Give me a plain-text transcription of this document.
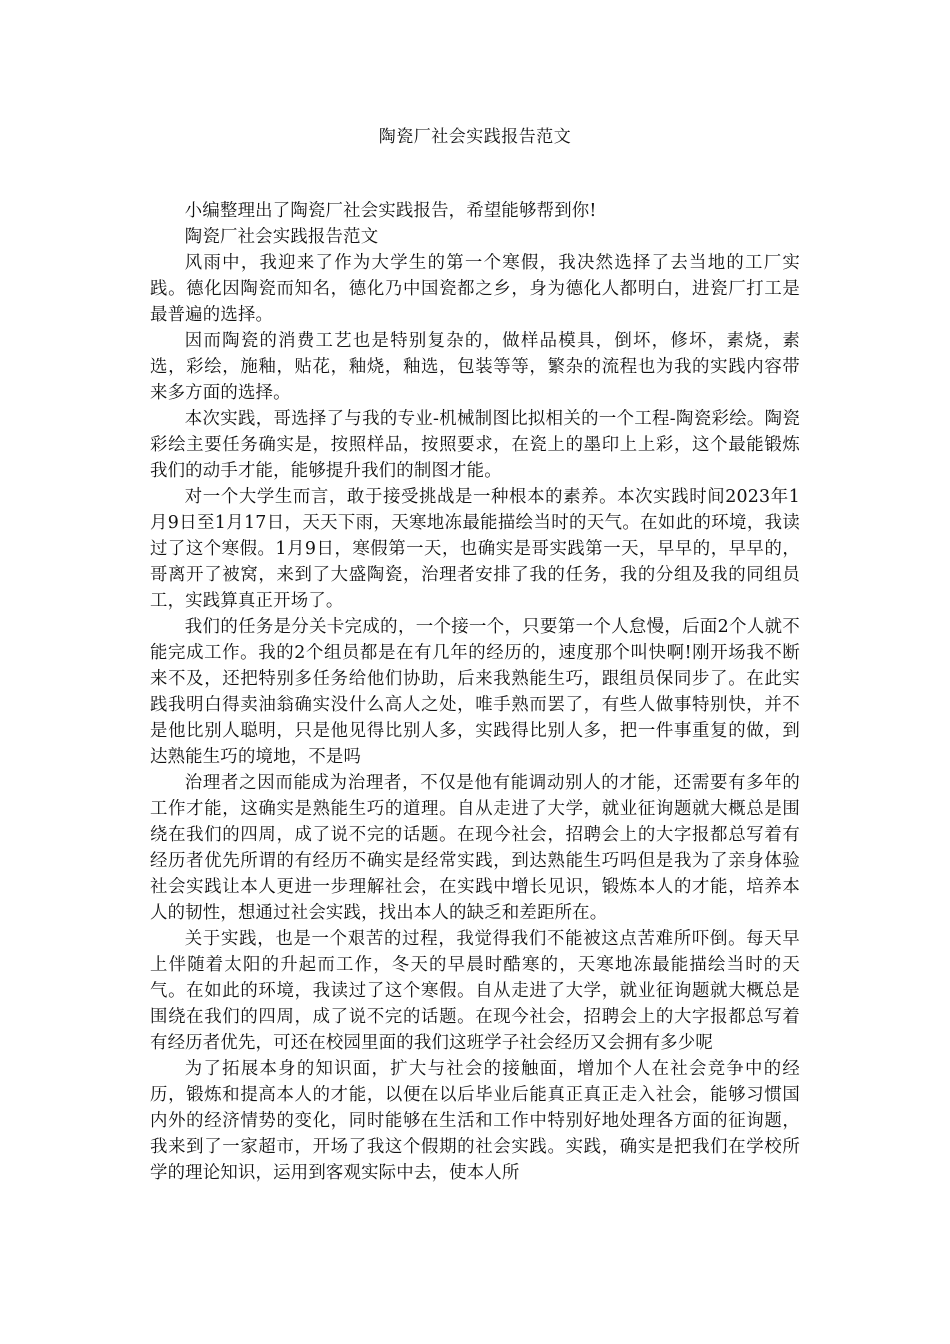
陶瓷厂社会实践报告范文

小编整理出了陶瓷厂社会实践报告，希望能够帮到你!

陶瓷厂社会实践报告范文

风雨中，我迎来了作为大学生的第一个寒假，我决然选择了去当地的工厂实践。德化因陶瓷而知名，德化乃中国瓷都之乡，身为德化人都明白，进瓷厂打工是最普遍的选择。

因而陶瓷的消费工艺也是特别复杂的，做样品模具，倒坏，修坏，素烧，素选，彩绘，施釉，贴花，釉烧，釉选，包装等等，繁杂的流程也为我的实践内容带来多方面的选择。

本次实践，哥选择了与我的专业-机械制图比拟相关的一个工程-陶瓷彩绘。陶瓷彩绘主要任务确实是，按照样品，按照要求，在瓷上的墨印上上彩，这个最能锻炼我们的动手才能，能够提升我们的制图才能。

对一个大学生而言，敢于接受挑战是一种根本的素养。本次实践时间2023年1月9日至1月17日，天天下雨，天寒地冻最能描绘当时的天气。在如此的环境，我读过了这个寒假。1月9日，寒假第一天，也确实是哥实践第一天，早早的，早早的，哥离开了被窝，来到了大盛陶瓷，治理者安排了我的任务，我的分组及我的同组员工，实践算真正开场了。

我们的任务是分关卡完成的，一个接一个，只要第一个人怠慢，后面2个人就不能完成工作。我的2个组员都是在有几年的经历的，速度那个叫快啊!刚开场我不断来不及，还把特别多任务给他们协助，后来我熟能生巧，跟组员保同步了。在此实践我明白得卖油翁确实没什么高人之处，唯手熟而罢了，有些人做事特别快，并不是他比别人聪明，只是他见得比别人多，实践得比别人多，把一件事重复的做，到达熟能生巧的境地，不是吗

治理者之因而能成为治理者，不仅是他有能调动别人的才能，还需要有多年的工作才能，这确实是熟能生巧的道理。自从走进了大学，就业征询题就大概总是围绕在我们的四周，成了说不完的话题。在现今社会，招聘会上的大字报都总写着有经历者优先所谓的有经历不确实是经常实践，到达熟能生巧吗但是我为了亲身体验社会实践让本人更进一步理解社会，在实践中增长见识，锻炼本人的才能，培养本人的韧性，想通过社会实践，找出本人的缺乏和差距所在。

关于实践，也是一个艰苦的过程，我觉得我们不能被这点苦难所吓倒。每天早上伴随着太阳的升起而工作，冬天的早晨时酷寒的，天寒地冻最能描绘当时的天气。在如此的环境，我读过了这个寒假。自从走进了大学，就业征询题就大概总是围绕在我们的四周，成了说不完的话题。在现今社会，招聘会上的大字报都总写着有经历者优先，可还在校园里面的我们这班学子社会经历又会拥有多少呢

为了拓展本身的知识面，扩大与社会的接触面，增加个人在社会竞争中的经历，锻炼和提高本人的才能，以便在以后毕业后能真正真正走入社会，能够习惯国内外的经济情势的变化，同时能够在生活和工作中特别好地处理各方面的征询题，我来到了一家超市，开场了我这个假期的社会实践。实践，确实是把我们在学校所学的理论知识，运用到客观实际中去，使本人所
